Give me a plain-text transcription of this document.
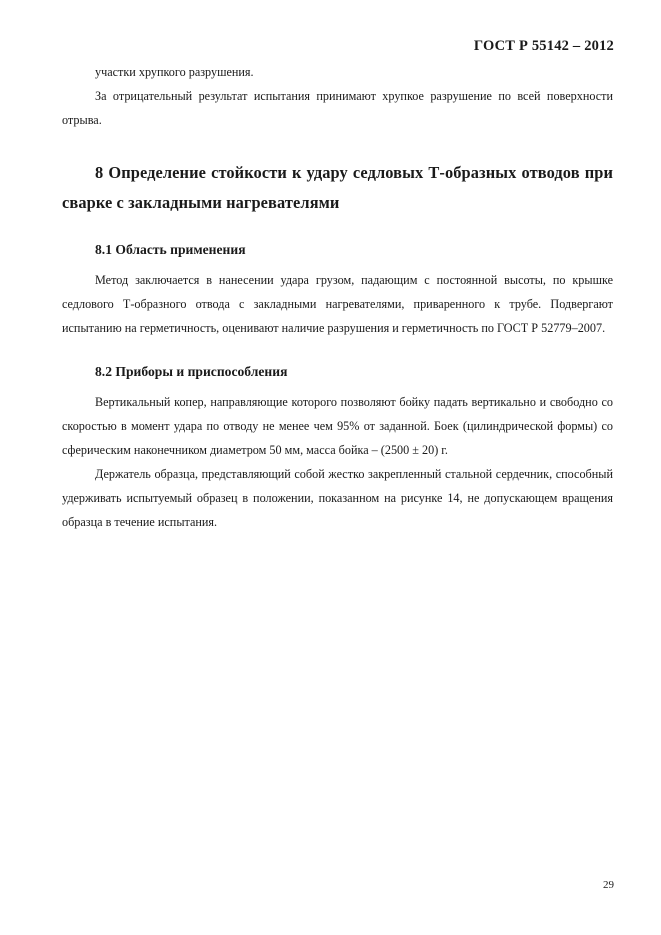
ГОСТ Р 55142 – 2012

участки хрупкого разрушения.

За отрицательный результат испытания принимают хрупкое разрушение по всей поверхности отрыва.

8 Определение стойкости к удару седловых Т-образных отводов при сварке с закладными нагревателями
8.1 Область применения

Метод заключается в нанесении удара грузом, падающим с постоянной высоты, по крышке седлового Т-образного отвода с закладными нагревателями, приваренного к трубе. Подвергают испытанию на герметичность, оценивают наличие разрушения и герметичность по ГОСТ Р 52779–2007.

8.2 Приборы и приспособления

Вертикальный копер, направляющие которого позволяют бойку падать вертикально и свободно со скоростью в момент удара по отводу не менее чем 95% от заданной. Боек (цилиндрической формы) со сферическим наконечником диаметром 50 мм, масса бойка – (2500 ± 20) г.

Держатель образца, представляющий собой жестко закрепленный стальной сердечник, способный удерживать испытуемый образец в положении, показанном на рисунке 14, не допускающем вращения образца в течение испытания.

29
